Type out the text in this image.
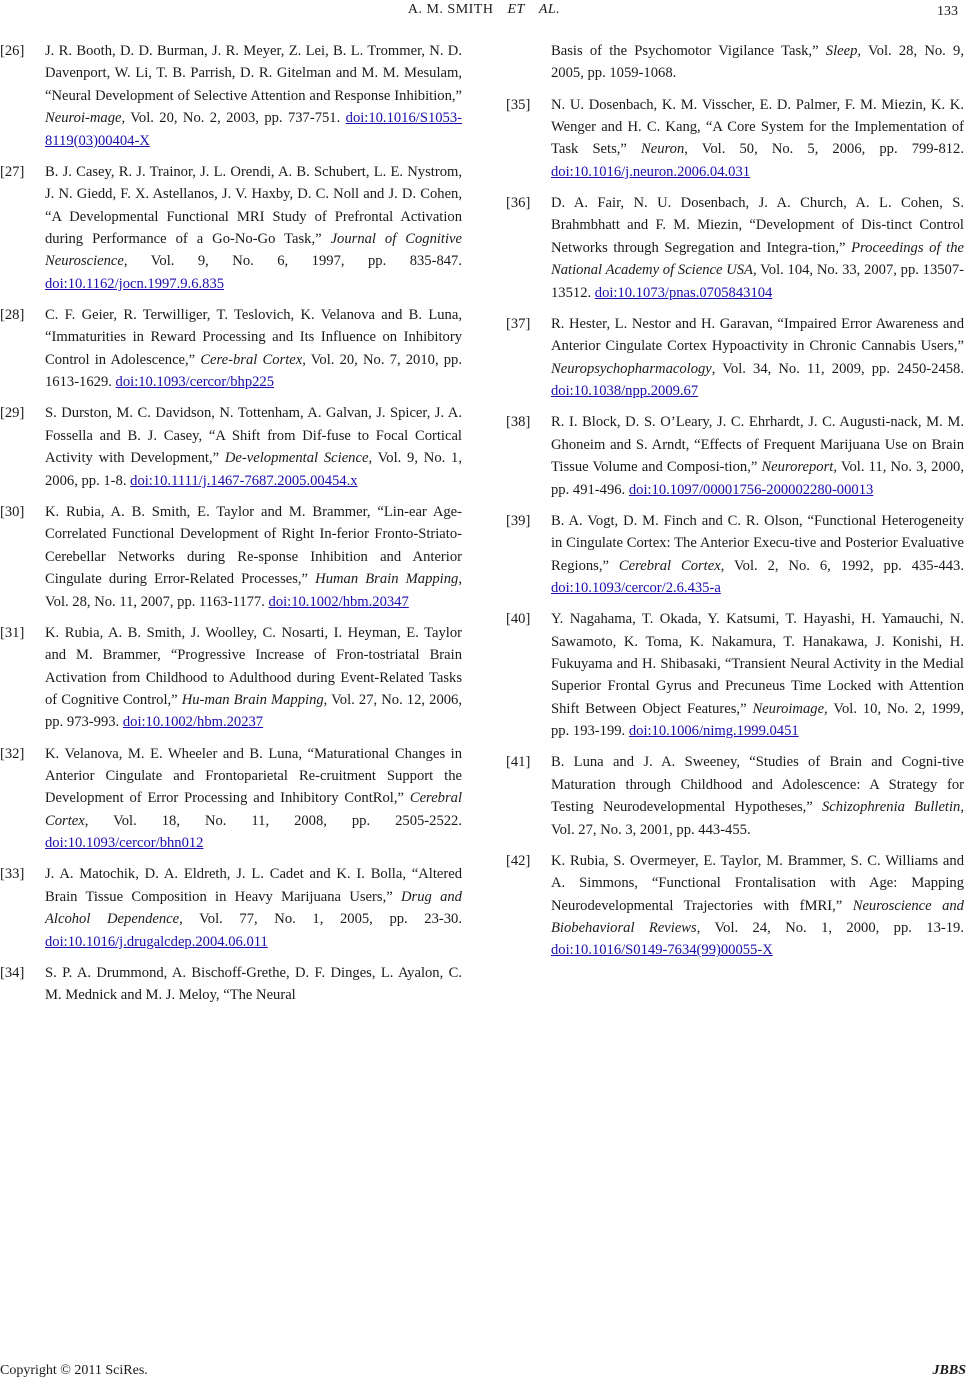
A. M. SMITH ET AL.	133
[26] J. R. Booth, D. D. Burman, J. R. Meyer, Z. Lei, B. L. Trommer, N. D. Davenport, W. Li, T. B. Parrish, D. R. Gitelman and M. M. Mesulam, “Neural Development of Selective Attention and Response Inhibition,” Neuroi-mage, Vol. 20, No. 2, 2003, pp. 737-751. doi:10.1016/S1053-8119(03)00404-X
[27] B. J. Casey, R. J. Trainor, J. L. Orendi, A. B. Schubert, L. E. Nystrom, J. N. Giedd, F. X. Astellanos, J. V. Haxby, D. C. Noll and J. D. Cohen, “A Developmental Functional MRI Study of Prefrontal Activation during Performance of a Go-No-Go Task,” Journal of Cognitive Neuroscience, Vol. 9, No. 6, 1997, pp. 835-847. doi:10.1162/jocn.1997.9.6.835
[28] C. F. Geier, R. Terwilliger, T. Teslovich, K. Velanova and B. Luna, “Immaturities in Reward Processing and Its Influence on Inhibitory Control in Adolescence,” Cere-bral Cortex, Vol. 20, No. 7, 2010, pp. 1613-1629. doi:10.1093/cercor/bhp225
[29] S. Durston, M. C. Davidson, N. Tottenham, A. Galvan, J. Spicer, J. A. Fossella and B. J. Casey, “A Shift from Dif-fuse to Focal Cortical Activity with Development,” De-velopmental Science, Vol. 9, No. 1, 2006, pp. 1-8. doi:10.1111/j.1467-7687.2005.00454.x
[30] K. Rubia, A. B. Smith, E. Taylor and M. Brammer, “Lin-ear Age-Correlated Functional Development of Right In-ferior Fronto-Striato-Cerebellar Networks during Re-sponse Inhibition and Anterior Cingulate during Error-Related Processes,” Human Brain Mapping, Vol. 28, No. 11, 2007, pp. 1163-1177. doi:10.1002/hbm.20347
[31] K. Rubia, A. B. Smith, J. Woolley, C. Nosarti, I. Heyman, E. Taylor and M. Brammer, “Progressive Increase of Fron-tostriatal Brain Activation from Childhood to Adulthood during Event-Related Tasks of Cognitive Control,” Hu-man Brain Mapping, Vol. 27, No. 12, 2006, pp. 973-993. doi:10.1002/hbm.20237
[32] K. Velanova, M. E. Wheeler and B. Luna, “Maturational Changes in Anterior Cingulate and Frontoparietal Re-cruitment Support the Development of Error Processing and Inhibitory ContRol,” Cerebral Cortex, Vol. 18, No. 11, 2008, pp. 2505-2522. doi:10.1093/cercor/bhn012
[33] J. A. Matochik, D. A. Eldreth, J. L. Cadet and K. I. Bolla, “Altered Brain Tissue Composition in Heavy Marijuana Users,” Drug and Alcohol Dependence, Vol. 77, No. 1, 2005, pp. 23-30. doi:10.1016/j.drugalcdep.2004.06.011
[34] S. P. A. Drummond, A. Bischoff-Grethe, D. F. Dinges, L. Ayalon, C. M. Mednick and M. J. Meloy, “The Neural
Basis of the Psychomotor Vigilance Task,” Sleep, Vol. 28, No. 9, 2005, pp. 1059-1068.
[35] N. U. Dosenbach, K. M. Visscher, E. D. Palmer, F. M. Miezin, K. K. Wenger and H. C. Kang, “A Core System for the Implementation of Task Sets,” Neuron, Vol. 50, No. 5, 2006, pp. 799-812. doi:10.1016/j.neuron.2006.04.031
[36] D. A. Fair, N. U. Dosenbach, J. A. Church, A. L. Cohen, S. Brahmbhatt and F. M. Miezin, “Development of Dis-tinct Control Networks through Segregation and Integra-tion,” Proceedings of the National Academy of Science USA, Vol. 104, No. 33, 2007, pp. 13507-13512. doi:10.1073/pnas.0705843104
[37] R. Hester, L. Nestor and H. Garavan, “Impaired Error Awareness and Anterior Cingulate Cortex Hypoactivity in Chronic Cannabis Users,” Neuropsychopharmacology, Vol. 34, No. 11, 2009, pp. 2450-2458. doi:10.1038/npp.2009.67
[38] R. I. Block, D. S. O’Leary, J. C. Ehrhardt, J. C. Augusti-nack, M. M. Ghoneim and S. Arndt, “Effects of Frequent Marijuana Use on Brain Tissue Volume and Composi-tion,” Neuroreport, Vol. 11, No. 3, 2000, pp. 491-496. doi:10.1097/00001756-200002280-00013
[39] B. A. Vogt, D. M. Finch and C. R. Olson, “Functional Heterogeneity in Cingulate Cortex: The Anterior Execu-tive and Posterior Evaluative Regions,” Cerebral Cortex, Vol. 2, No. 6, 1992, pp. 435-443. doi:10.1093/cercor/2.6.435-a
[40] Y. Nagahama, T. Okada, Y. Katsumi, T. Hayashi, H. Yamauchi, N. Sawamoto, K. Toma, K. Nakamura, T. Hanakawa, J. Konishi, H. Fukuyama and H. Shibasaki, “Transient Neural Activity in the Medial Superior Frontal Gyrus and Precuneus Time Locked with Attention Shift Between Object Features,” Neuroimage, Vol. 10, No. 2, 1999, pp. 193-199. doi:10.1006/nimg.1999.0451
[41] B. Luna and J. A. Sweeney, “Studies of Brain and Cogni-tive Maturation through Childhood and Adolescence: A Strategy for Testing Neurodevelopmental Hypotheses,” Schizophrenia Bulletin, Vol. 27, No. 3, 2001, pp. 443-455.
[42] K. Rubia, S. Overmeyer, E. Taylor, M. Brammer, S. C. Williams and A. Simmons, “Functional Frontalisation with Age: Mapping Neurodevelopmental Trajectories with fMRI,” Neuroscience and Biobehavioral Reviews, Vol. 24, No. 1, 2000, pp. 13-19. doi:10.1016/S0149-7634(99)00055-X
Copyright © 2011 SciRes.	JBBS
